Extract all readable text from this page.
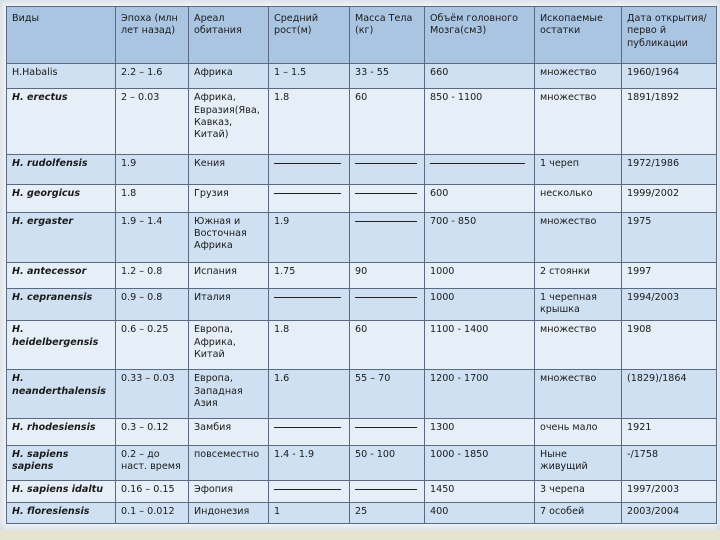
Виды	Эпоха (млн лет назад)	Ареал обитания	Средний рост(м)	Масса Тела (кг)	Объём головного Мозга(см3)	Ископаемые остатки	Дата открытия/перво й публикации
H.Habalis	2.2 – 1.6	Африка	1 – 1.5	33 - 55	660	множество	1960/1964
H. erectus	2 – 0.03	Африка, Евразия(Ява, Кавказ, Китай)	1.8	60	850 - 1100	множество	1891/1892
H. rudolfensis	1.9	Кения				1 череп	1972/1986
H. georgicus	1.8	Грузия			600	несколько	1999/2002
H. ergaster	1.9 – 1.4	Южная и Восточная Африка	1.9		700 - 850	множество	1975
H. antecessor	1.2 – 0.8	Испания	1.75	90	1000	2 стоянки	1997
H. cepranensis	0.9 – 0.8	Италия			1000	1 черепная крышка	1994/2003
H. heidelbergensis	0.6 – 0.25	Европа, Африка, Китай	1.8	60	1100 - 1400	множество	1908
H. neanderthalensis	0.33 – 0.03	Европа, Западная Азия	1.6	55 – 70	1200 - 1700	множество	(1829)/1864
H. rhodesiensis	0.3 – 0.12	Замбия			1300	очень мало	1921
H. sapiens sapiens	0.2 – до наст. время	повсеместно	1.4 - 1.9	50 - 100	1000 - 1850	Ныне живущий	-/1758
H. sapiens idaltu	0.16 – 0.15	Эфопия			1450	3 черепа	1997/2003
H. floresiensis	0.1 – 0.012	Индонезия	1	25	400	7 особей	2003/2004
